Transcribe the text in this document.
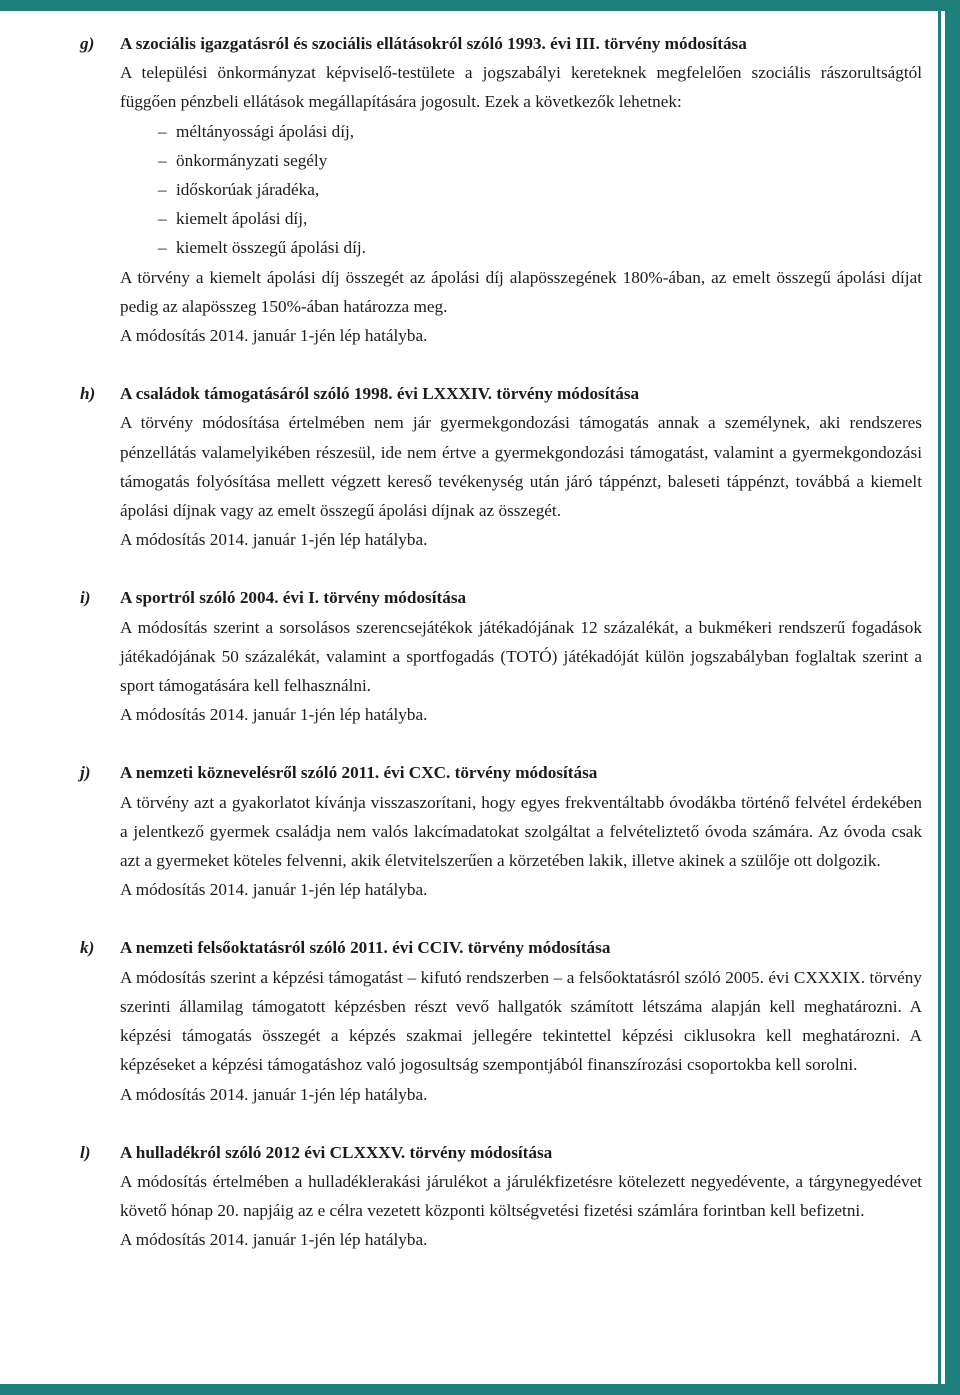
g) A szociális igazgatásról és szociális ellátásokról szóló 1993. évi III. törvény módosítása

A települési önkormányzat képviselő-testülete a jogszabályi kereteknek megfelelően szociális rászorultságtól függően pénzbeli ellátások megállapítására jogosult. Ezek a következők lehetnek:

– méltányossági ápolási díj,
– önkormányzati segély
– időskorúak járadéka,
– kiemelt ápolási díj,
– kiemelt összegű ápolási díj.

A törvény a kiemelt ápolási díj összegét az ápolási díj alapösszegének 180%-ában, az emelt összegű ápolási díjat pedig az alapösszeg 150%-ában határozza meg.

A módosítás 2014. január 1-jén lép hatályba.

h) A családok támogatásáról szóló 1998. évi LXXXIV. törvény módosítása

A törvény módosítása értelmében nem jár gyermekgondozási támogatás annak a személynek, aki rendszeres pénzellátás valamelyikében részesül, ide nem értve a gyermekgondozási támogatást, valamint a gyermekgondozási támogatás folyósítása mellett végzett kereső tevékenység után járó táppénzt, baleseti táppénzt, továbbá a kiemelt ápolási díjnak vagy az emelt összegű ápolási díjnak az összegét.

A módosítás 2014. január 1-jén lép hatályba.

i) A sportról szóló 2004. évi I. törvény módosítása

A módosítás szerint a sorsolásos szerencsejátékok játékadójának 12 százalékát, a bukmékeri rendszerű fogadások játékadójának 50 százalékát, valamint a sportfogadás (TOTÓ) játékadóját külön jogszabályban foglaltak szerint a sport támogatására kell felhasználni.

A módosítás 2014. január 1-jén lép hatályba.

j) A nemzeti köznevelésről szóló 2011. évi CXC. törvény módosítása

A törvény azt a gyakorlatot kívánja visszaszorítani, hogy egyes frekventáltabb óvodákba történő felvétel érdekében a jelentkező gyermek családja nem valós lakcímadatokat szolgáltat a felvételiztető óvoda számára. Az óvoda csak azt a gyermeket köteles felvenni, akik életvitelszerűen a körzetében lakik, illetve akinek a szülője ott dolgozik.

A módosítás 2014. január 1-jén lép hatályba.

k) A nemzeti felsőoktatásról szóló 2011. évi CCIV. törvény módosítása

A módosítás szerint a képzési támogatást – kifutó rendszerben – a felsőoktatásról szóló 2005. évi CXXXIX. törvény szerinti államilag támogatott képzésben részt vevő hallgatók számított létszáma alapján kell meghatározni. A képzési támogatás összegét a képzés szakmai jellegére tekintettel képzési ciklusokra kell meghatározni. A képzéseket a képzési támogatáshoz való jogosultság szempontjából finanszírozási csoportokba kell sorolni.

A módosítás 2014. január 1-jén lép hatályba.

l) A hulladékról szóló 2012 évi CLXXXV. törvény módosítása

A módosítás értelmében a hulladéklerakási járulékot a járulékfizetésre kötelezett negyedévente, a tárgynegyedévet követő hónap 20. napjáig az e célra vezetett központi költségvetési fizetési számlára forintban kell befizetni.

A módosítás 2014. január 1-jén lép hatályba.
